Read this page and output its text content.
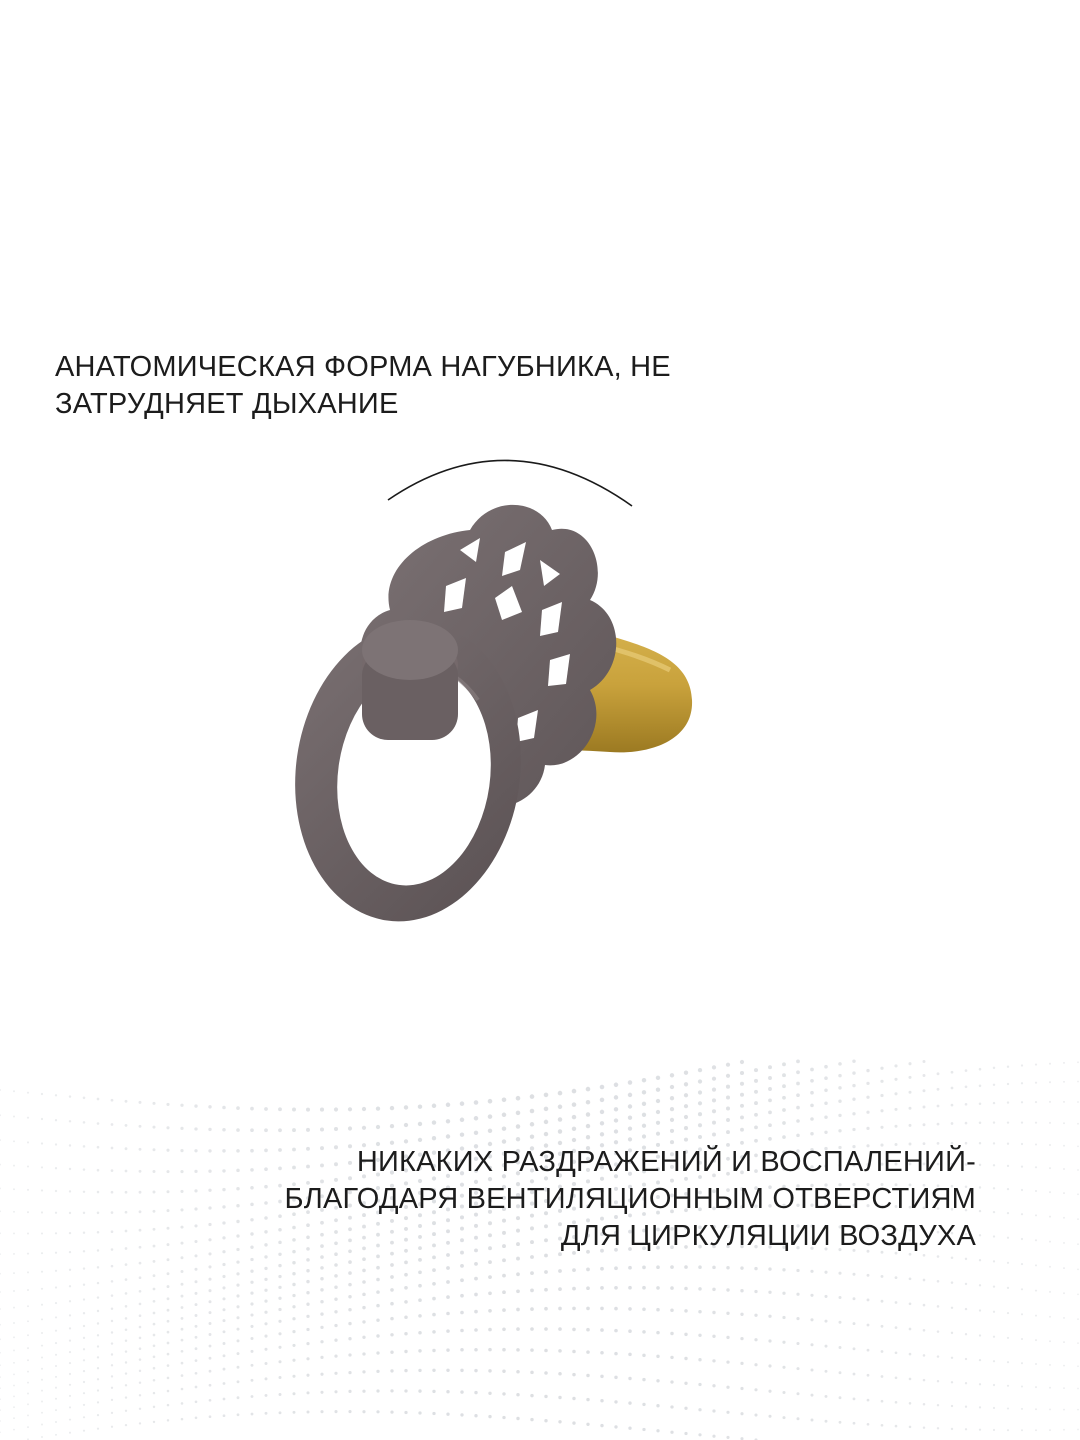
АНАТОМИЧЕСКАЯ ФОРМА НАГУБНИКА, НЕ
ЗАТРУДНЯЕТ ДЫХАНИЕ

НИКАКИХ РАЗДРАЖЕНИЙ И ВОСПАЛЕНИЙ-
БЛАГОДАРЯ ВЕНТИЛЯЦИОННЫМ ОТВЕРСТИЯМ
ДЛЯ ЦИРКУЛЯЦИИ ВОЗДУХА
